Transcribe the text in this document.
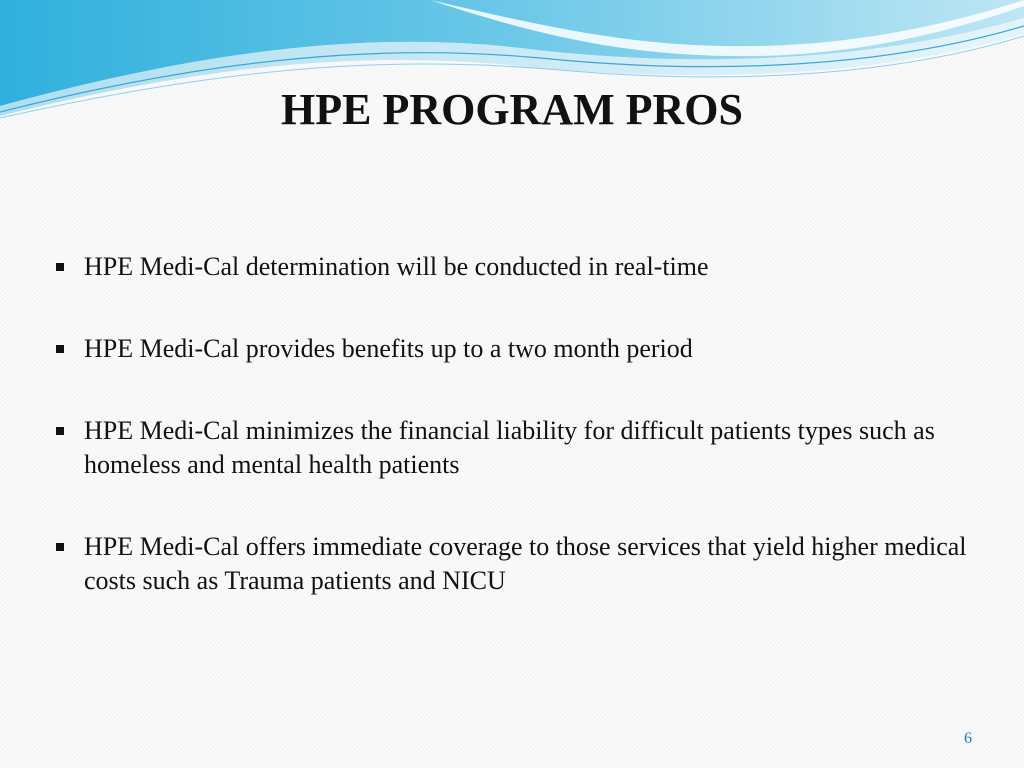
HPE PROGRAM PROS
HPE Medi-Cal determination will be conducted in real-time
HPE Medi-Cal provides benefits up to a two month period
HPE Medi-Cal minimizes the financial liability for difficult patients types such as homeless and mental health patients
HPE Medi-Cal offers immediate coverage to those services that yield higher medical costs such as Trauma patients and NICU
6
